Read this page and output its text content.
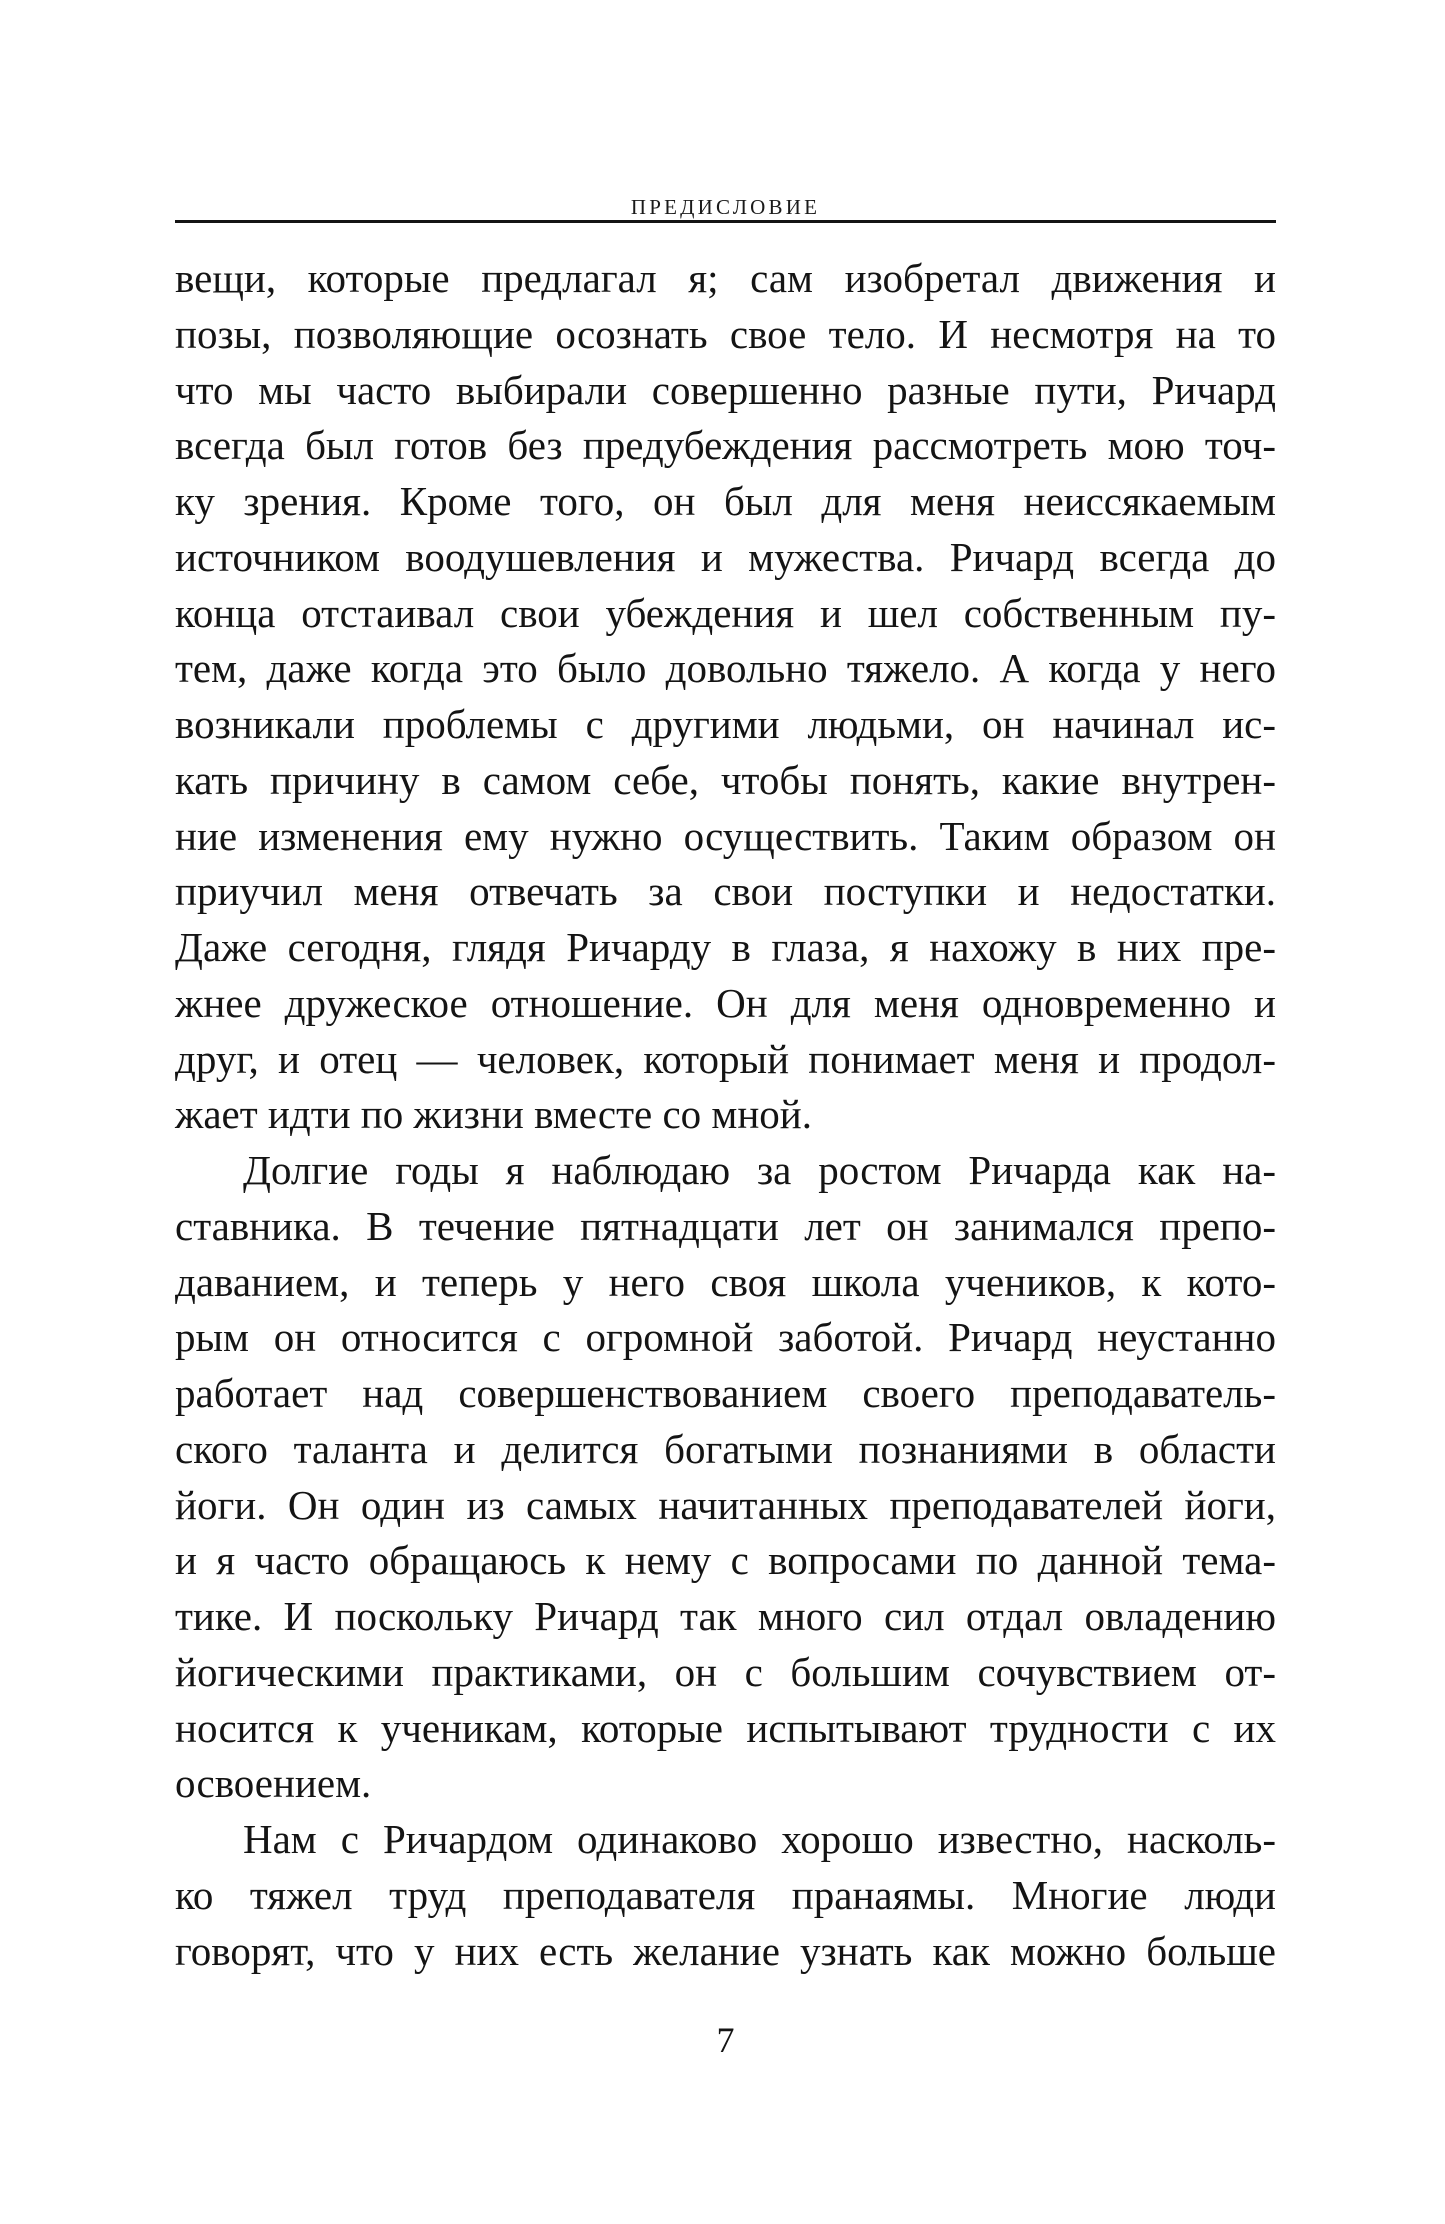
ПРЕДИСЛОВИЕ
вещи, которые предлагал я; сам изобретал движения и
позы, позволяющие осознать свое тело. И несмотря на то
что мы часто выбирали совершенно разные пути, Ричард
всегда был готов без предубеждения рассмотреть мою точ-
ку зрения. Кроме того, он был для меня неиссякаемым
источником воодушевления и мужества. Ричард всегда до
конца отстаивал свои убеждения и шел собственным пу-
тем, даже когда это было довольно тяжело. А когда у него
возникали проблемы с другими людьми, он начинал ис-
кать причину в самом себе, чтобы понять, какие внутрен-
ние изменения ему нужно осуществить. Таким образом он
приучил меня отвечать за свои поступки и недостатки.
Даже сегодня, глядя Ричарду в глаза, я нахожу в них пре-
жнее дружеское отношение. Он для меня одновременно и
друг, и отец — человек, который понимает меня и продол-
жает идти по жизни вместе со мной.
Долгие годы я наблюдаю за ростом Ричарда как на-
ставника. В течение пятнадцати лет он занимался препо-
даванием, и теперь у него своя школа учеников, к кото-
рым он относится с огромной заботой. Ричард неустанно
работает над совершенствованием своего преподаватель-
ского таланта и делится богатыми познаниями в области
йоги. Он один из самых начитанных преподавателей йоги,
и я часто обращаюсь к нему с вопросами по данной тема-
тике. И поскольку Ричард так много сил отдал овладению
йогическими практиками, он с большим сочувствием от-
носится к ученикам, которые испытывают трудности с их
освоением.
Нам с Ричардом одинаково хорошо известно, насколь-
ко тяжел труд преподавателя пранаямы. Многие люди
говорят, что у них есть желание узнать как можно больше
7
